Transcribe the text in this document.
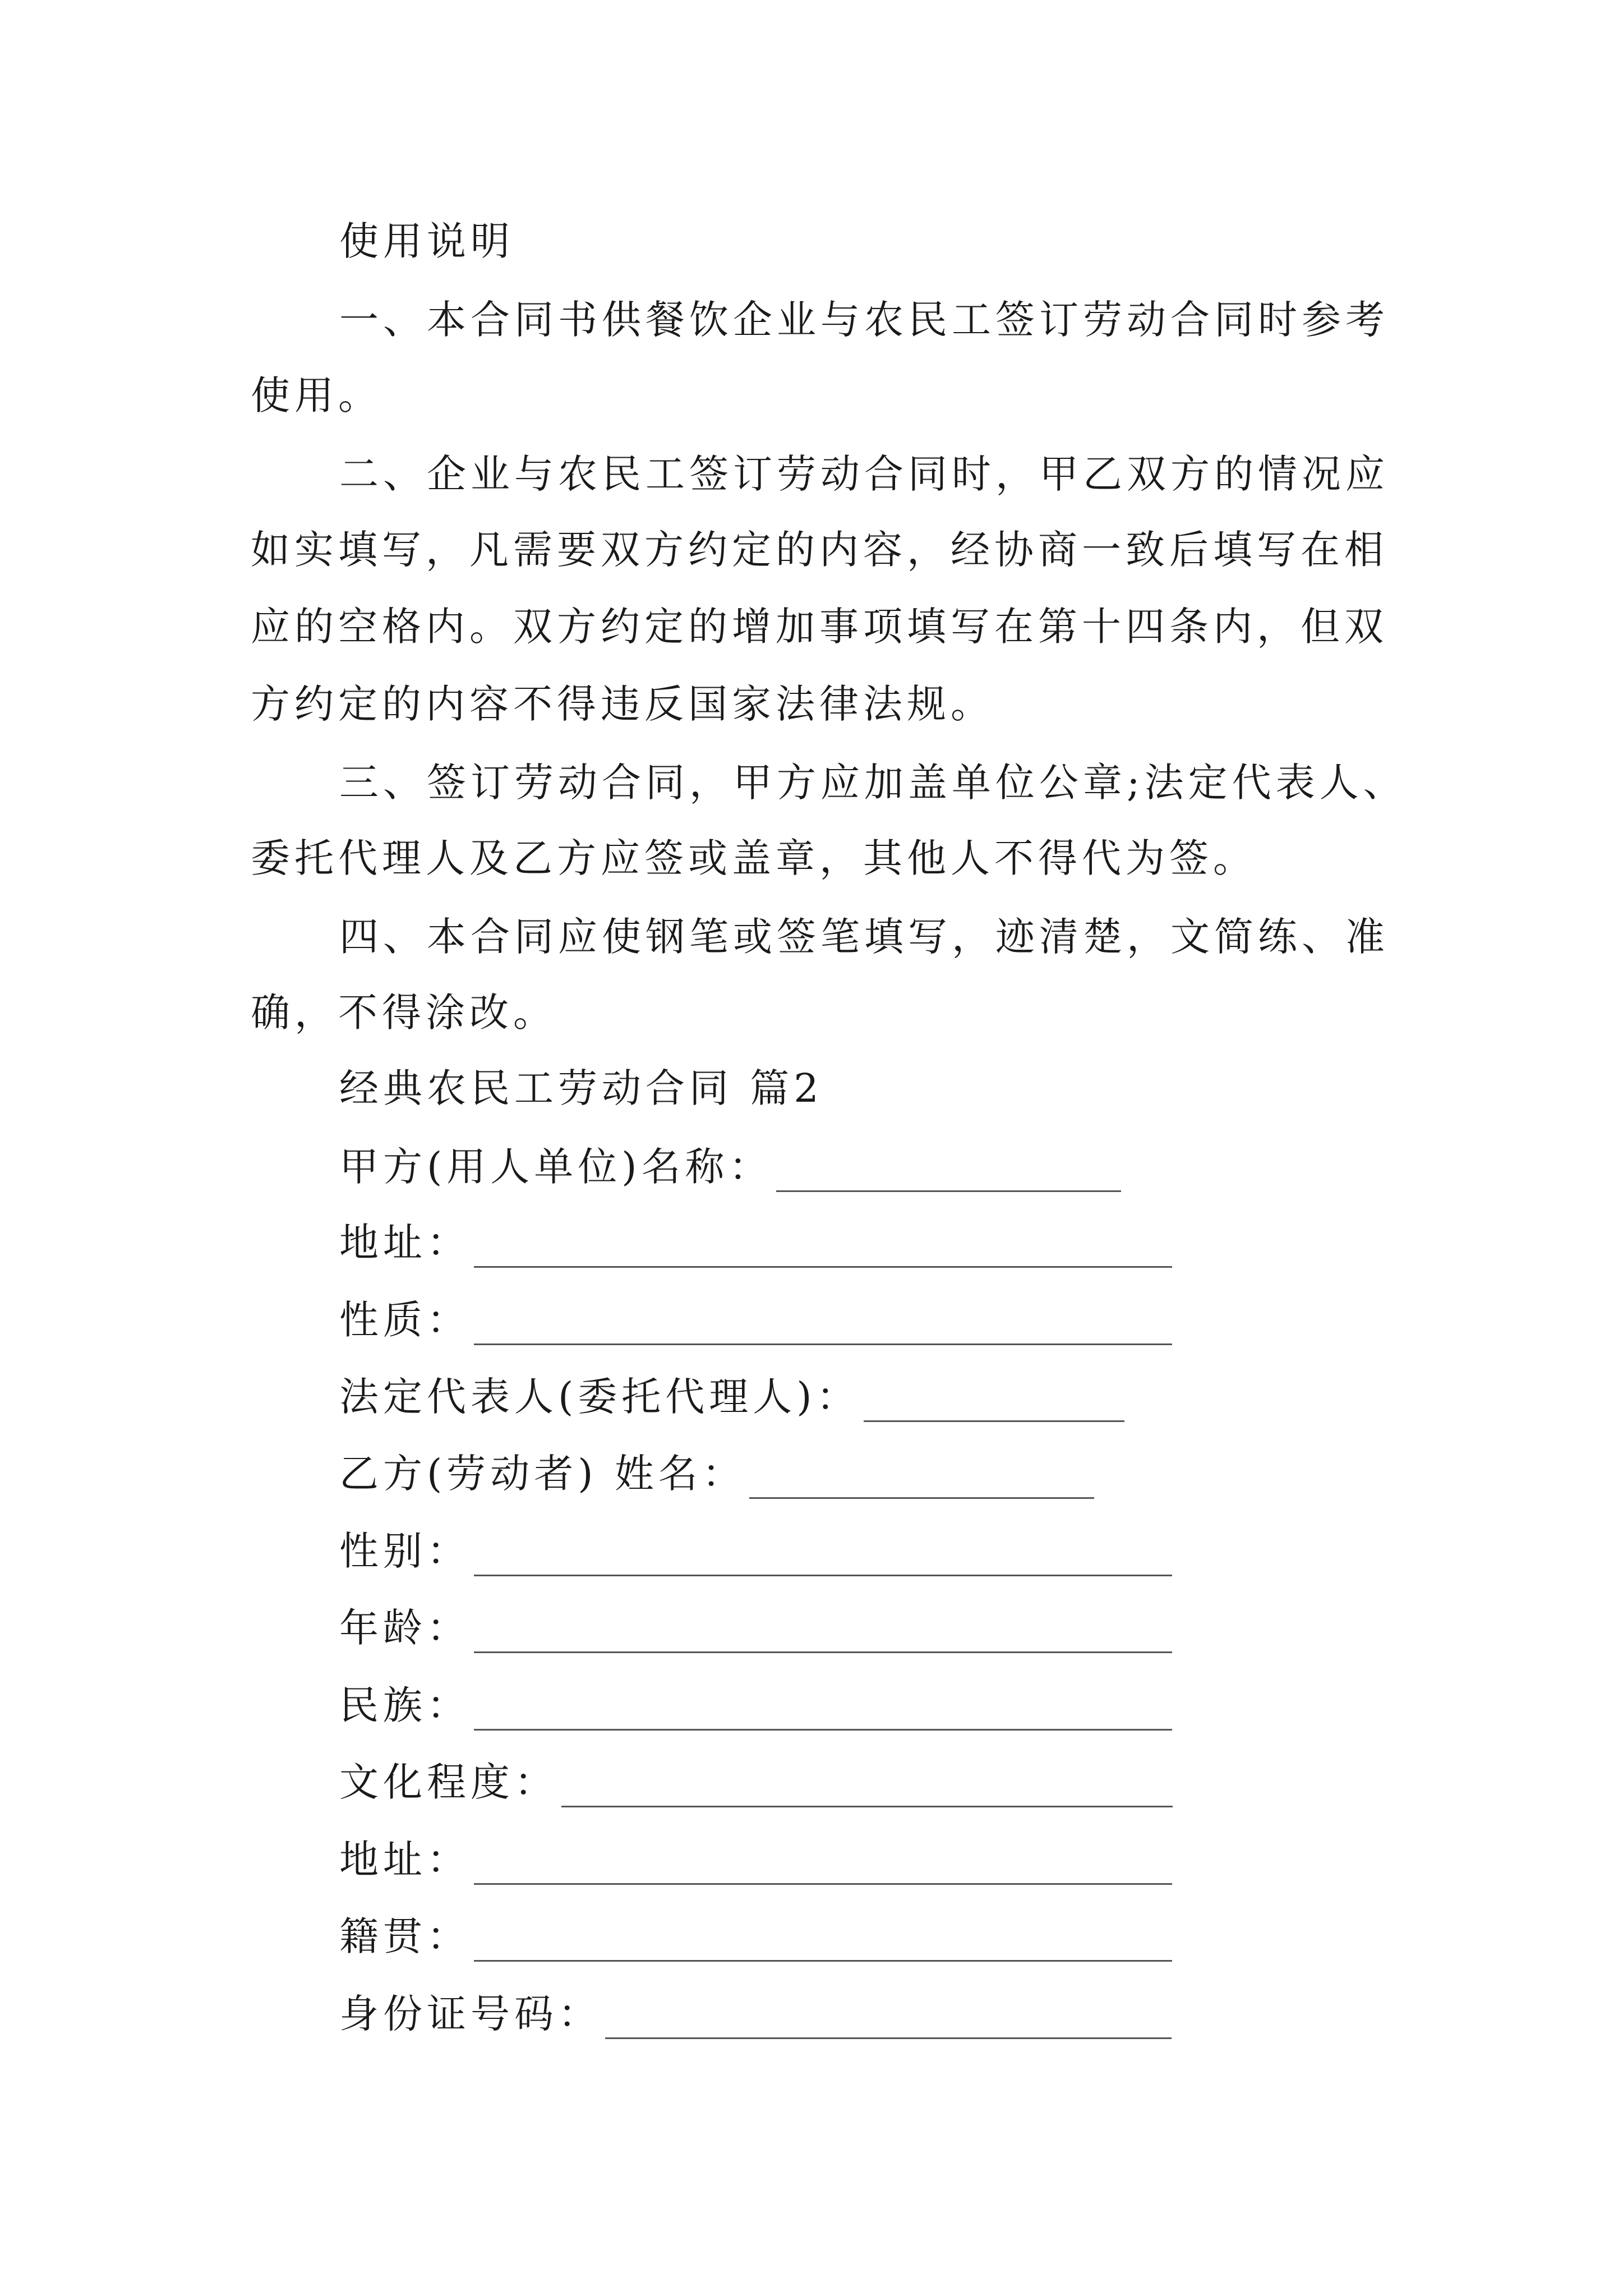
使用说明
一、本合同书供餐饮企业与农民工签订劳动合同时参考
使用。
二、企业与农民工签订劳动合同时，甲乙双方的情况应
如实填写，凡需要双方约定的内容，经协商一致后填写在相
应的空格内。双方约定的增加事项填写在第十四条内，但双
方约定的内容不得违反国家法律法规。
三、签订劳动合同，甲方应加盖单位公章;法定代表人、
委托代理人及乙方应签或盖章，其他人不得代为签。
四、本合同应使钢笔或签笔填写，迹清楚，文简练、准
确，不得涂改。
经典农民工劳动合同 篇2
甲方(用人单位)名称：
地址：
性质：
法定代表人(委托代理人)：
乙方(劳动者) 姓名：
性别：
年龄：
民族：
文化程度：
地址：
籍贯：
身份证号码：
